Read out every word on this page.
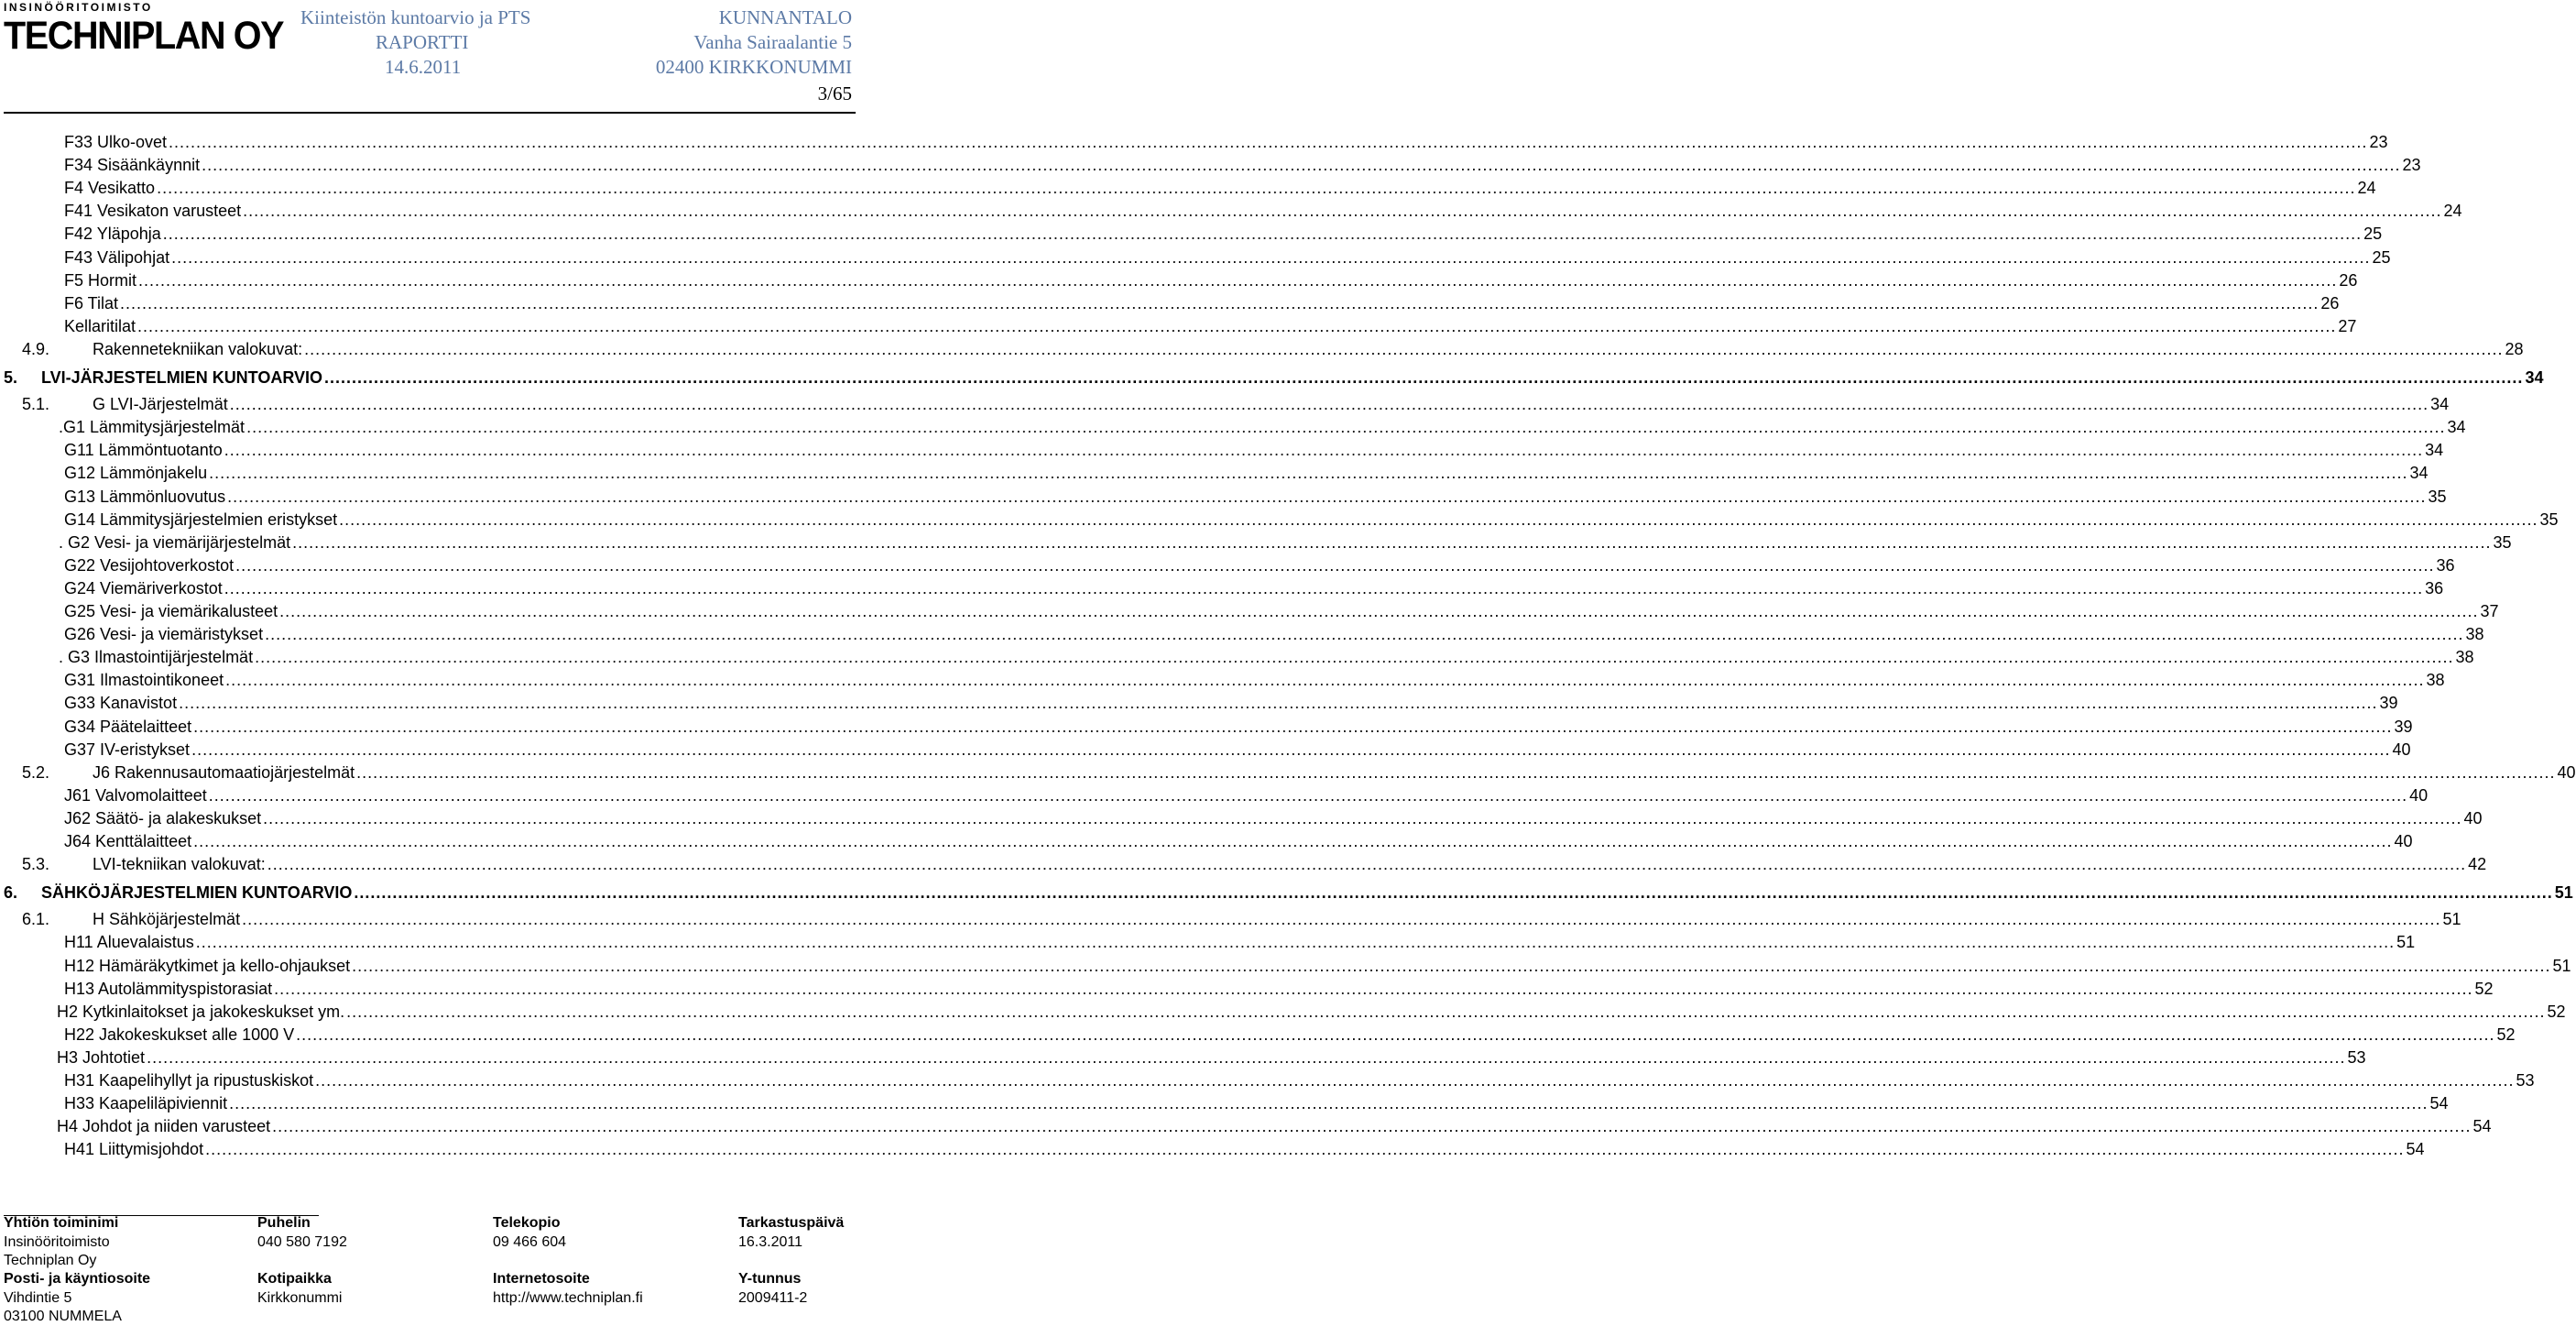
INSINÖÖRITOIMISTO
TECHNIPLAN OY Kiinteistön kuntoarvio ja PTS
RAPORTTI
14.6.2011
KUNNANTALO
Vanha Sairaalantie 5
02400 KIRKKONUMMI
3/65
F33 Ulko-ovet ................................................................................................................................................................................................................................................................................................................................................................................................................ 23
F34 Sisäänkäynnit ................................................................................................................................................................................................................................................................................................................................................................................................................ 23
F4 Vesikatto ................................................................................................................................................................................................................................................................................................................................................................................................................ 24
F41 Vesikaton varusteet ................................................................................................................................................................................................................................................................................................................................................................................................................ 24
F42 Yläpohja ................................................................................................................................................................................................................................................................................................................................................................................................................ 25
F43 Välipohjat ................................................................................................................................................................................................................................................................................................................................................................................................................ 25
F5 Hormit ................................................................................................................................................................................................................................................................................................................................................................................................................ 26
F6 Tilat ................................................................................................................................................................................................................................................................................................................................................................................................................ 26
Kellaritilat ................................................................................................................................................................................................................................................................................................................................................................................................................ 27
4.9.	Rakennetekniikan valokuvat: ................................................................................................................................................................................................................................................................................................................................................................................................................ 28
5. LVI-JÄRJESTELMIEN KUNTOARVIO ................................................................................................................................................................................................................................................................................................................................................................................................................ 34
5.1.	G LVI-Järjestelmät ................................................................................................................................................................................................................................................................................................................................................................................................................ 34
.G1 Lämmitysjärjestelmät ................................................................................................................................................................................................................................................................................................................................................................................................................ 34
G11 Lämmöntuotanto ................................................................................................................................................................................................................................................................................................................................................................................................................ 34
G12 Lämmönjakelu ................................................................................................................................................................................................................................................................................................................................................................................................................ 34
G13 Lämmönluovutus ................................................................................................................................................................................................................................................................................................................................................................................................................ 35
G14 Lämmitysjärjestelmien eristykset ................................................................................................................................................................................................................................................................................................................................................................................................................ 35
. G2 Vesi- ja viemärijärjestelmät ................................................................................................................................................................................................................................................................................................................................................................................................................ 35
G22 Vesijohtoverkostot ................................................................................................................................................................................................................................................................................................................................................................................................................ 36
G24 Viemäriverkostot ................................................................................................................................................................................................................................................................................................................................................................................................................ 36
G25 Vesi- ja viemärikalusteet ................................................................................................................................................................................................................................................................................................................................................................................................................ 37
G26 Vesi- ja viemäristykset ................................................................................................................................................................................................................................................................................................................................................................................................................ 38
. G3 Ilmastointijärjestelmät ................................................................................................................................................................................................................................................................................................................................................................................................................ 38
G31 Ilmastointikoneet ................................................................................................................................................................................................................................................................................................................................................................................................................ 38
G33 Kanavistot ................................................................................................................................................................................................................................................................................................................................................................................................................ 39
G34 Päätelaitteet ................................................................................................................................................................................................................................................................................................................................................................................................................ 39
G37 IV-eristykset ................................................................................................................................................................................................................................................................................................................................................................................................................ 40
5.2.	J6 Rakennusautomaatiojärjestelmät ................................................................................................................................................................................................................................................................................................................................................................................................................ 40
J61 Valvomolaitteet ................................................................................................................................................................................................................................................................................................................................................................................................................ 40
J62 Säätö- ja alakeskukset ................................................................................................................................................................................................................................................................................................................................................................................................................ 40
J64 Kenttälaitteet ................................................................................................................................................................................................................................................................................................................................................................................................................ 40
5.3.	LVI-tekniikan valokuvat: ................................................................................................................................................................................................................................................................................................................................................................................................................ 42
6. SÄHKÖJÄRJESTELMIEN KUNTOARVIO ................................................................................................................................................................................................................................................................................................................................................................................................................ 51
6.1.	H Sähköjärjestelmät ................................................................................................................................................................................................................................................................................................................................................................................................................ 51
H11 Aluevalaistus ................................................................................................................................................................................................................................................................................................................................................................................................................ 51
H12 Hämäräkytkimet ja kello-ohjaukset ................................................................................................................................................................................................................................................................................................................................................................................................................ 51
H13 Autolämmityspistorasiat ................................................................................................................................................................................................................................................................................................................................................................................................................ 52
H2 Kytkinlaitokset ja jakokeskukset ym. ................................................................................................................................................................................................................................................................................................................................................................................................................ 52
H22 Jakokeskukset alle 1000 V ................................................................................................................................................................................................................................................................................................................................................................................................................ 52
H3 Johtotiet ................................................................................................................................................................................................................................................................................................................................................................................................................ 53
H31 Kaapelihyllyt ja ripustuskiskot ................................................................................................................................................................................................................................................................................................................................................................................................................ 53
H33 Kaapeliläpiviennit ................................................................................................................................................................................................................................................................................................................................................................................................................ 54
H4 Johdot ja niiden varusteet ................................................................................................................................................................................................................................................................................................................................................................................................................ 54
H41 Liittymisjohdot ................................................................................................................................................................................................................................................................................................................................................................................................................ 54
Yhtiön toiminimi
Insinööritoimisto
Techniplan Oy
Posti- ja käyntiosoite
Vihdintie 5
03100 NUMMELA
Puhelin
040 580 7192
Kotipaikka
Kirkkonummi
Telekopio
09 466 604
Internetosoite
http://www.techniplan.fi
Tarkastuspäivä
16.3.2011
Y-tunnus
2009411-2
